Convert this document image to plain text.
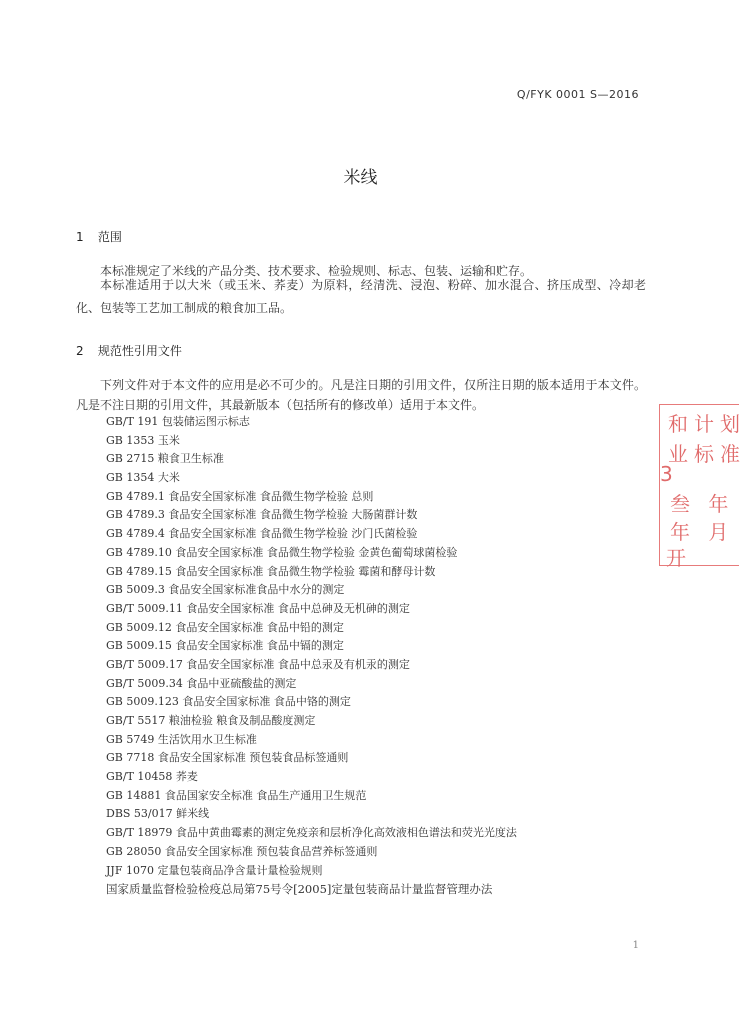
Q/FYK 0001 S—2016
米线
1 范围
本标准规定了米线的产品分类、技术要求、检验规则、标志、包装、运输和贮存。
本标准适用于以大米（或玉米、荞麦）为原料，经清洗、浸泡、粉碎、加水混合、挤压成型、冷却老化、包装等工艺加工制成的粮食加工品。
2 规范性引用文件
下列文件对于本文件的应用是必不可少的。凡是注日期的引用文件，仅所注日期的版本适用于本文件。凡是不注日期的引用文件，其最新版本（包括所有的修改单）适用于本文件。
GB/T 191 包装储运图示标志
GB 1353 玉米
GB 2715 粮食卫生标准
GB 1354 大米
GB 4789.1 食品安全国家标准 食品微生物学检验 总则
GB 4789.3 食品安全国家标准 食品微生物学检验 大肠菌群计数
GB 4789.4 食品安全国家标准 食品微生物学检验 沙门氏菌检验
GB 4789.10 食品安全国家标准 食品微生物学检验 金黄色葡萄球菌检验
GB 4789.15 食品安全国家标准 食品微生物学检验 霉菌和酵母计数
GB 5009.3 食品安全国家标准食品中水分的测定
GB/T 5009.11 食品安全国家标准 食品中总砷及无机砷的测定
GB 5009.12 食品安全国家标准 食品中铅的测定
GB 5009.15 食品安全国家标准 食品中镉的测定
GB/T 5009.17 食品安全国家标准 食品中总汞及有机汞的测定
GB/T 5009.34 食品中亚硫酸盐的测定
GB 5009.123 食品安全国家标准 食品中铬的测定
GB/T 5517 粮油检验 粮食及制品酸度测定
GB 5749 生活饮用水卫生标准
GB 7718 食品安全国家标准 预包装食品标签通则
GB/T 10458 荞麦
GB 14881 食品国家安全标准 食品生产通用卫生规范
DBS 53/017 鲜米线
GB/T 18979 食品中黄曲霉素的测定免疫亲和层析净化高效液相色谱法和荧光光度法
GB 28050 食品安全国家标准 预包装食品营养标签通则
JJF 1070 定量包装商品净含量计量检验规则
国家质量监督检验检疫总局第75号令[2005]定量包装商品计量监督管理办法
和计划
业标准
3
叁 年
年 月
开
1
